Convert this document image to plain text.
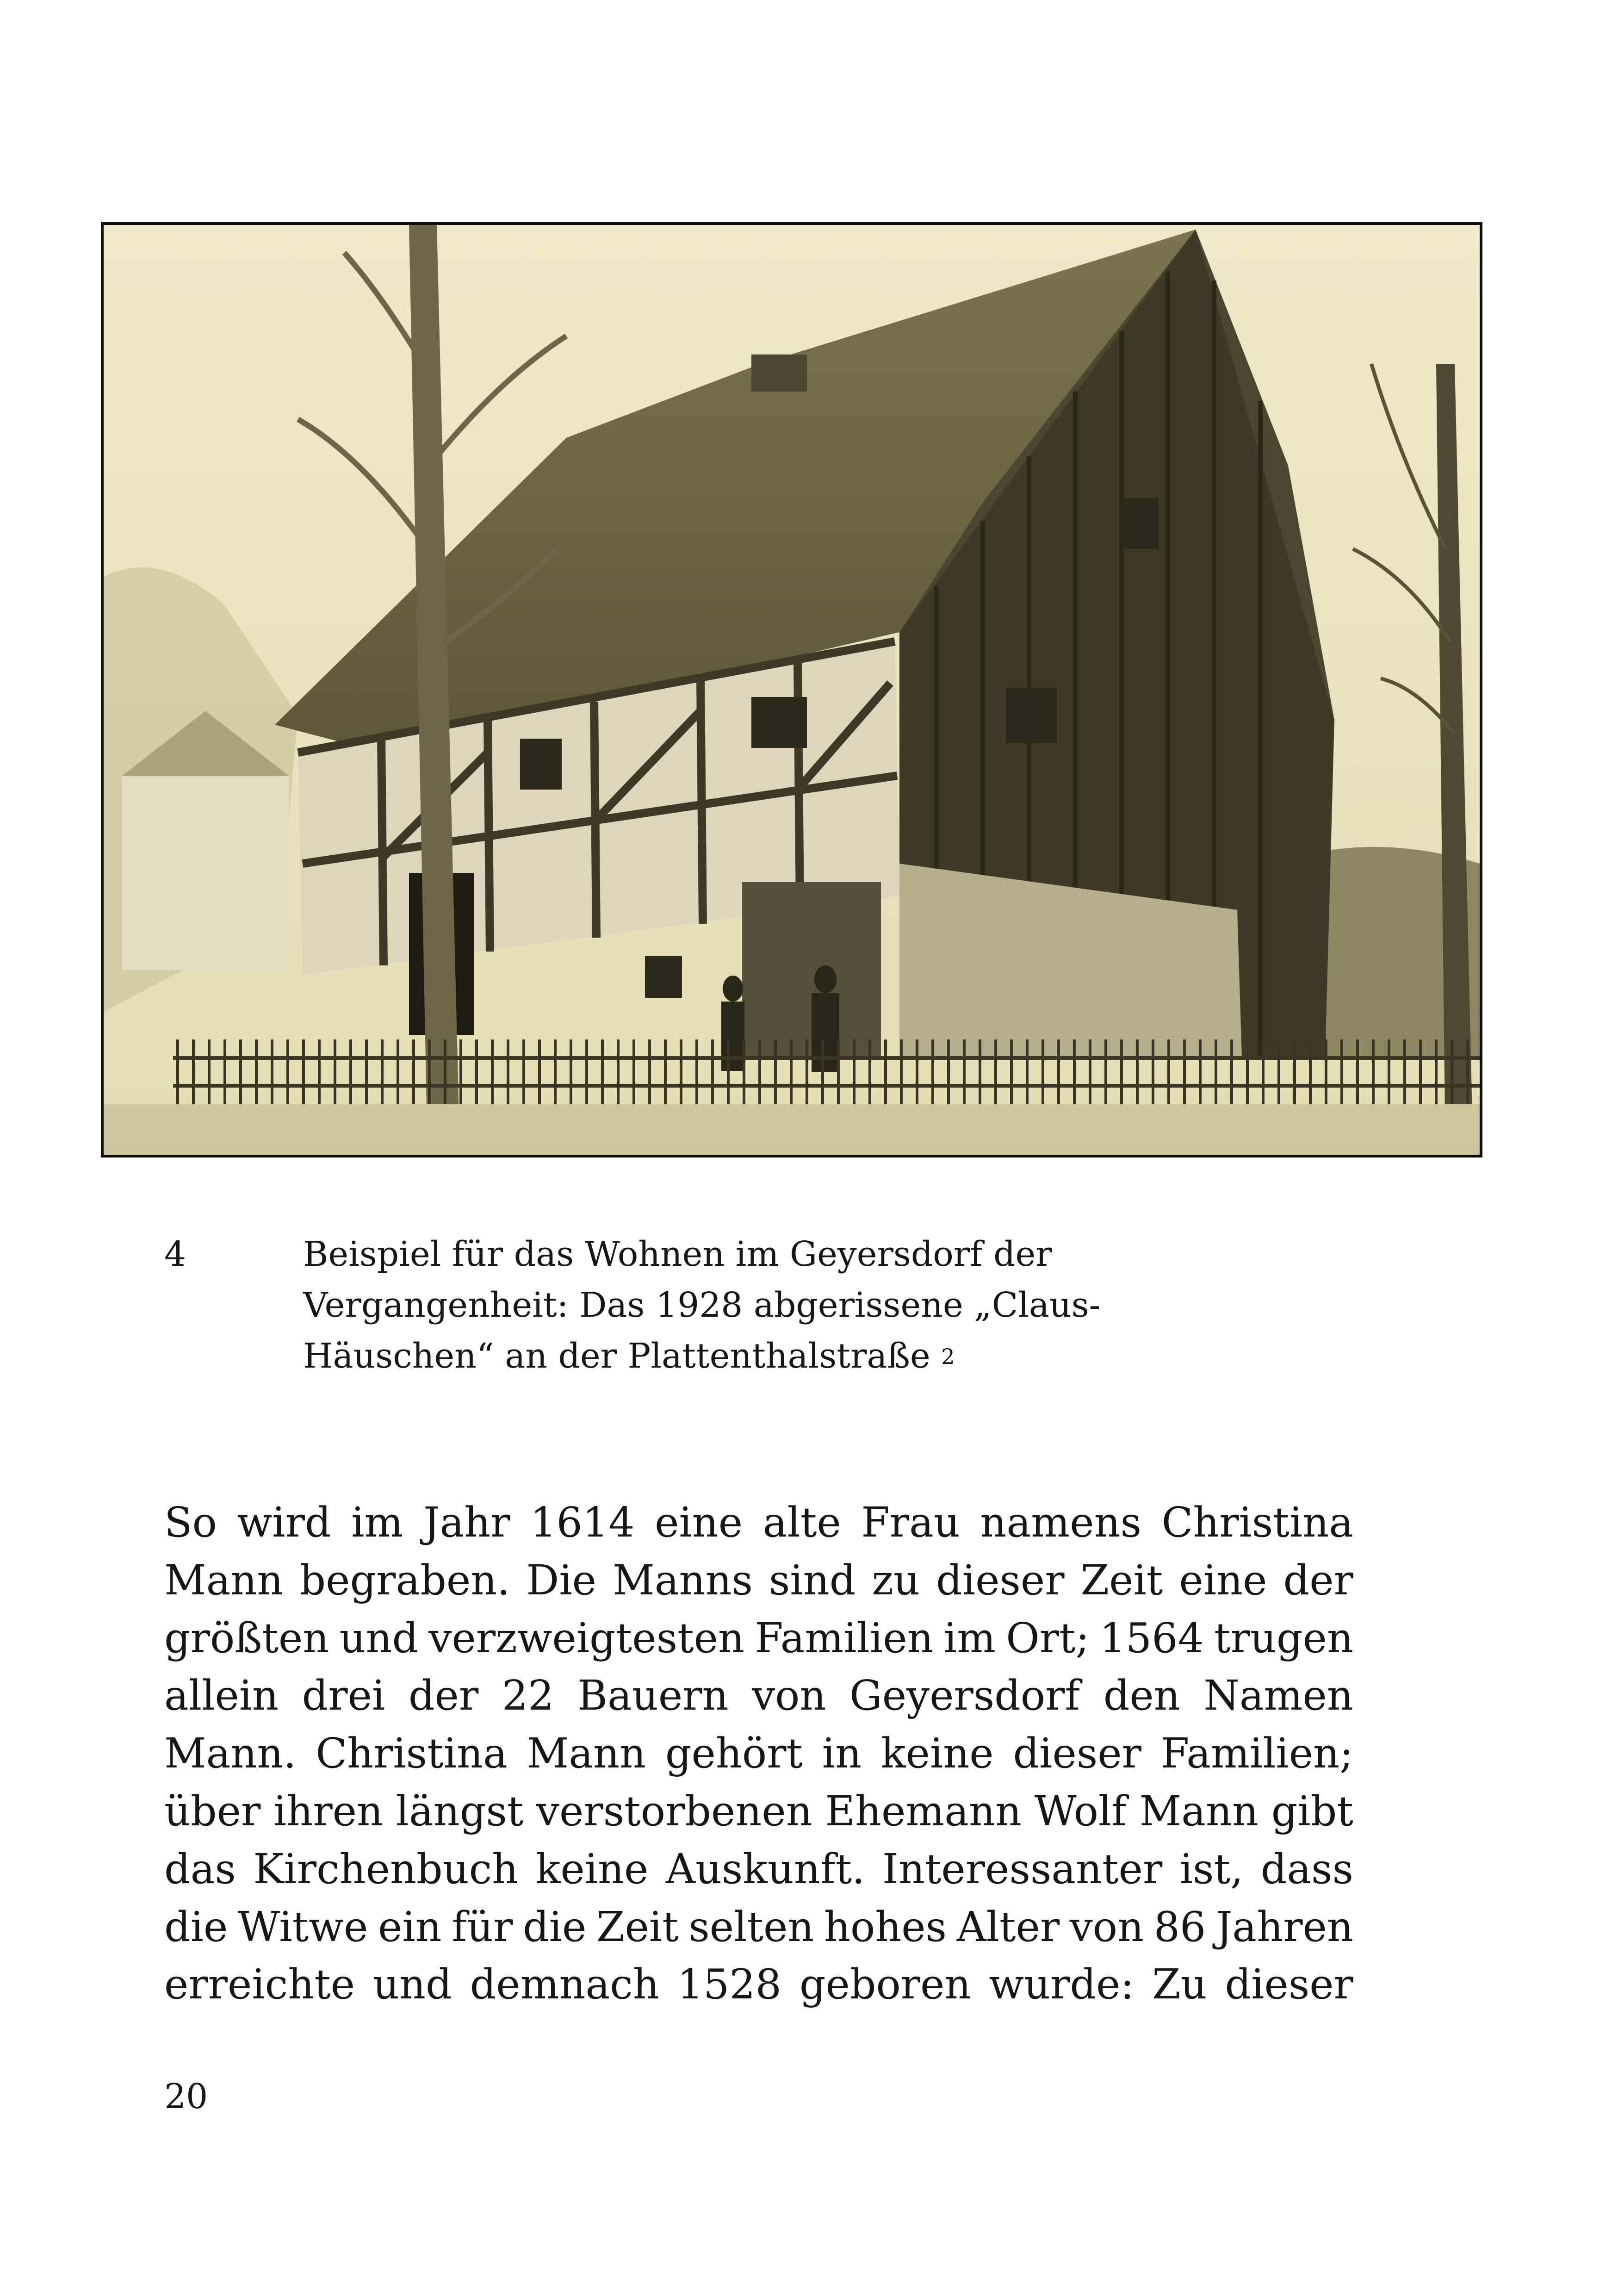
4	Beispiel für das Wohnen im Geyersdorf der
Vergangenheit: Das 1928 abgerissene „Claus-
Häuschen“ an der Plattenthalstraße $^2$
So wird im Jahr 1614 eine alte Frau namens Christina
Mann begraben. Die Manns sind zu dieser Zeit eine der
größten und verzweigtesten Familien im Ort; 1564 trugen
allein drei der 22 Bauern von Geyersdorf den Namen
Mann. Christina Mann gehört in keine dieser Familien;
über ihren längst verstorbenen Ehemann Wolf Mann gibt
das Kirchenbuch keine Auskunft. Interessanter ist, dass
die Witwe ein für die Zeit selten hohes Alter von 86 Jahren
erreichte und demnach 1528 geboren wurde: Zu dieser
20
